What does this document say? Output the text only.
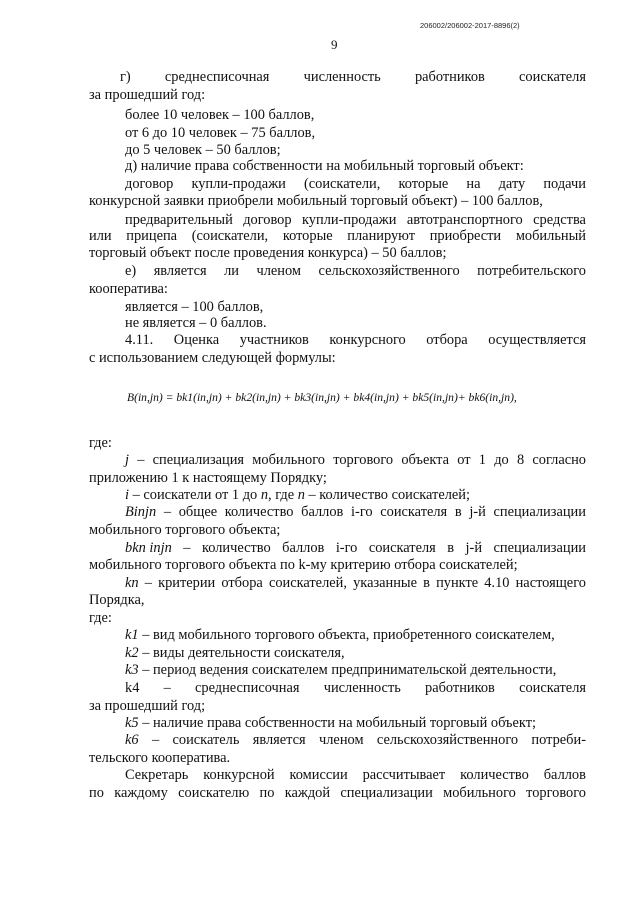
206002/206002-2017-8896(2)
9
г) среднесписочная численность работников соискателя
за прошедший год:
более 10 человек – 100 баллов,
от 6 до 10 человек – 75 баллов,
до 5 человек – 50 баллов;
д) наличие права собственности на мобильный торговый объект:
договор купли-продажи (соискатели, которые на дату подачи
конкурсной заявки приобрели мобильный торговый объект) – 100 баллов,
предварительный договор купли-продажи автотранспортного средства
или прицепа (соискатели, которые планируют приобрести мобильный
торговый объект после проведения конкурса) – 50 баллов;
е) является ли членом сельскохозяйственного потребительского
кооператива:
является – 100 баллов,
не является – 0 баллов.
4.11. Оценка участников конкурсного отбора осуществляется
с использованием следующей формулы:
B(in,jn) = bk1(in,jn) + bk2(in,jn) + bk3(in,jn) + bk4(in,jn) + bk5(in,jn)+ bk6(in,jn),
где:
j – специализация мобильного торгового объекта от 1 до 8 согласно
приложению 1 к настоящему Порядку;
i – соискатели от 1 до n, где n – количество соискателей;
Binjn – общее количество баллов i-го соискателя в j-й специализации
мобильного торгового объекта;
bkn injn – количество баллов i-го соискателя в j-й специализации
мобильного торгового объекта по k-му критерию отбора соискателей;
kn – критерии отбора соискателей, указанные в пункте 4.10 настоящего
Порядка,
где:
k1 – вид мобильного торгового объекта, приобретенного соискателем,
k2 – виды деятельности соискателя,
k3 – период ведения соискателем предпринимательской деятельности,
k4 – среднесписочная численность работников соискателя
за прошедший год;
k5 – наличие права собственности на мобильный торговый объект;
k6 – соискатель является членом сельскохозяйственного потреби-
тельского кооператива.
Секретарь конкурсной комиссии рассчитывает количество баллов
по каждому соискателю по каждой специализации мобильного торгового
